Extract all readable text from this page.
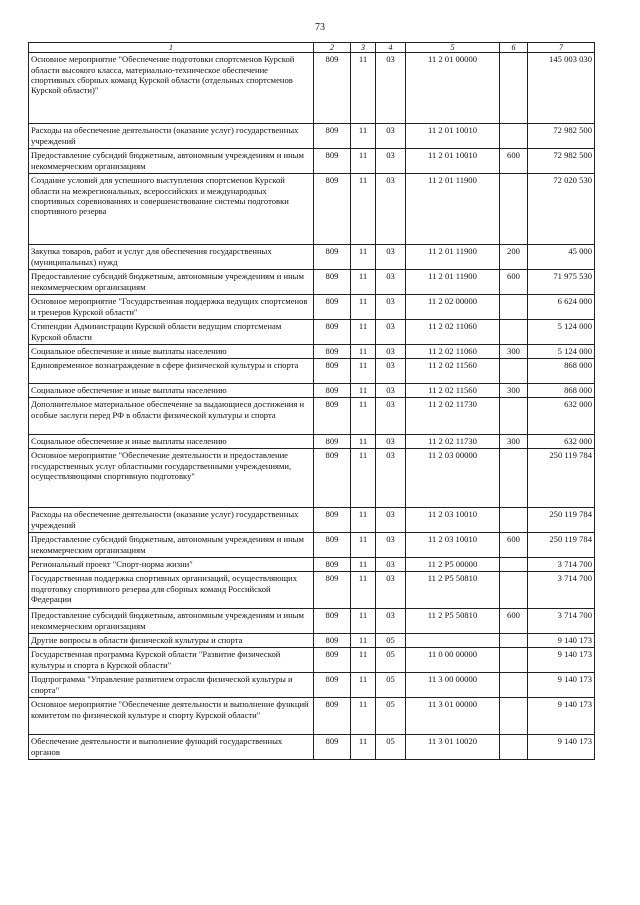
73
1	2	3	4	5	6	7
Основное мероприятие "Обеспечение подготовки спортсменов Курской области высокого класса, материально-техническое обеспечение спортивных сборных команд Курской области (отдельных спортсменов Курской области)"	809	11	03	11 2 01 00000		145 003 030
Расходы на обеспечение деятельности (оказание услуг) государственных учреждений	809	11	03	11 2 01 10010		72 982 500
Предоставление субсидий бюджетным, автономным учреждениям и иным некоммерческим организациям	809	11	03	11 2 01 10010	600	72 982 500
Создание условий для успешного выступления спортсменов Курской области на межрегиональных, всероссийских и международных спортивных соревнованиях и совершенствование системы подготовки спортивного резерва	809	11	03	11 2 01 11900		72 020 530
Закупка товаров, работ и услуг для обеспечения государственных (муниципальных) нужд	809	11	03	11 2 01 11900	200	45 000
Предоставление субсидий бюджетным, автономным учреждениям и иным некоммерческим организациям	809	11	03	11 2 01 11900	600	71 975 530
Основное мероприятие "Государственная поддержка ведущих спортсменов и тренеров Курской области"	809	11	03	11 2 02 00000		6 624 000
Стипендии Администрации Курской области ведущим спортсменам Курской области	809	11	03	11 2 02 11060		5 124 000
Социальное обеспечение и иные выплаты населению	809	11	03	11 2 02 11060	300	5 124 000
Единовременное вознаграждение в сфере физической культуры и спорта	809	11	03	11 2 02 11560		868 000
Социальное обеспечение и иные выплаты населению	809	11	03	11 2 02 11560	300	868 000
Дополнительное материальное обеспечение за выдающиеся достижения и особые заслуги перед РФ в области физической культуры и спорта	809	11	03	11 2 02 11730		632 000
Социальное обеспечение и иные выплаты населению	809	11	03	11 2 02 11730	300	632 000
Основное мероприятие "Обеспечение деятельности и предоставление государственных услуг областными государственными учреждениями, осуществляющими спортивную подготовку"	809	11	03	11 2 03 00000		250 119 784
Расходы на обеспечение деятельности (оказание услуг) государственных учреждений	809	11	03	11 2 03 10010		250 119 784
Предоставление субсидий бюджетным, автономным учреждениям и иным некоммерческим организациям	809	11	03	11 2 03 10010	600	250 119 784
Региональный проект "Спорт-норма жизни"	809	11	03	11 2 P5 00000		3 714 700
Государственная поддержка спортивных организаций, осуществляющих подготовку спортивного резерва для сборных команд Российской Федерации	809	11	03	11 2 P5 50810		3 714 700
Предоставление субсидий бюджетным, автономным учреждениям и иным некоммерческим организациям	809	11	03	11 2 P5 50810	600	3 714 700
Другие вопросы в области физической культуры и спорта	809	11	05			9 140 173
Государственная программа Курской области "Развитие физической культуры и спорта в Курской области"	809	11	05	11 0 00 00000		9 140 173
Подпрограмма "Управление развитием отрасли физической культуры и спорта"	809	11	05	11 3 00 00000		9 140 173
Основное мероприятие "Обеспечение деятельности и выполнение функций комитетом по физической культуре и спорту Курской области"	809	11	05	11 3 01 00000		9 140 173
Обеспечение деятельности и выполнение функций государственных органов	809	11	05	11 3 01 10020		9 140 173
